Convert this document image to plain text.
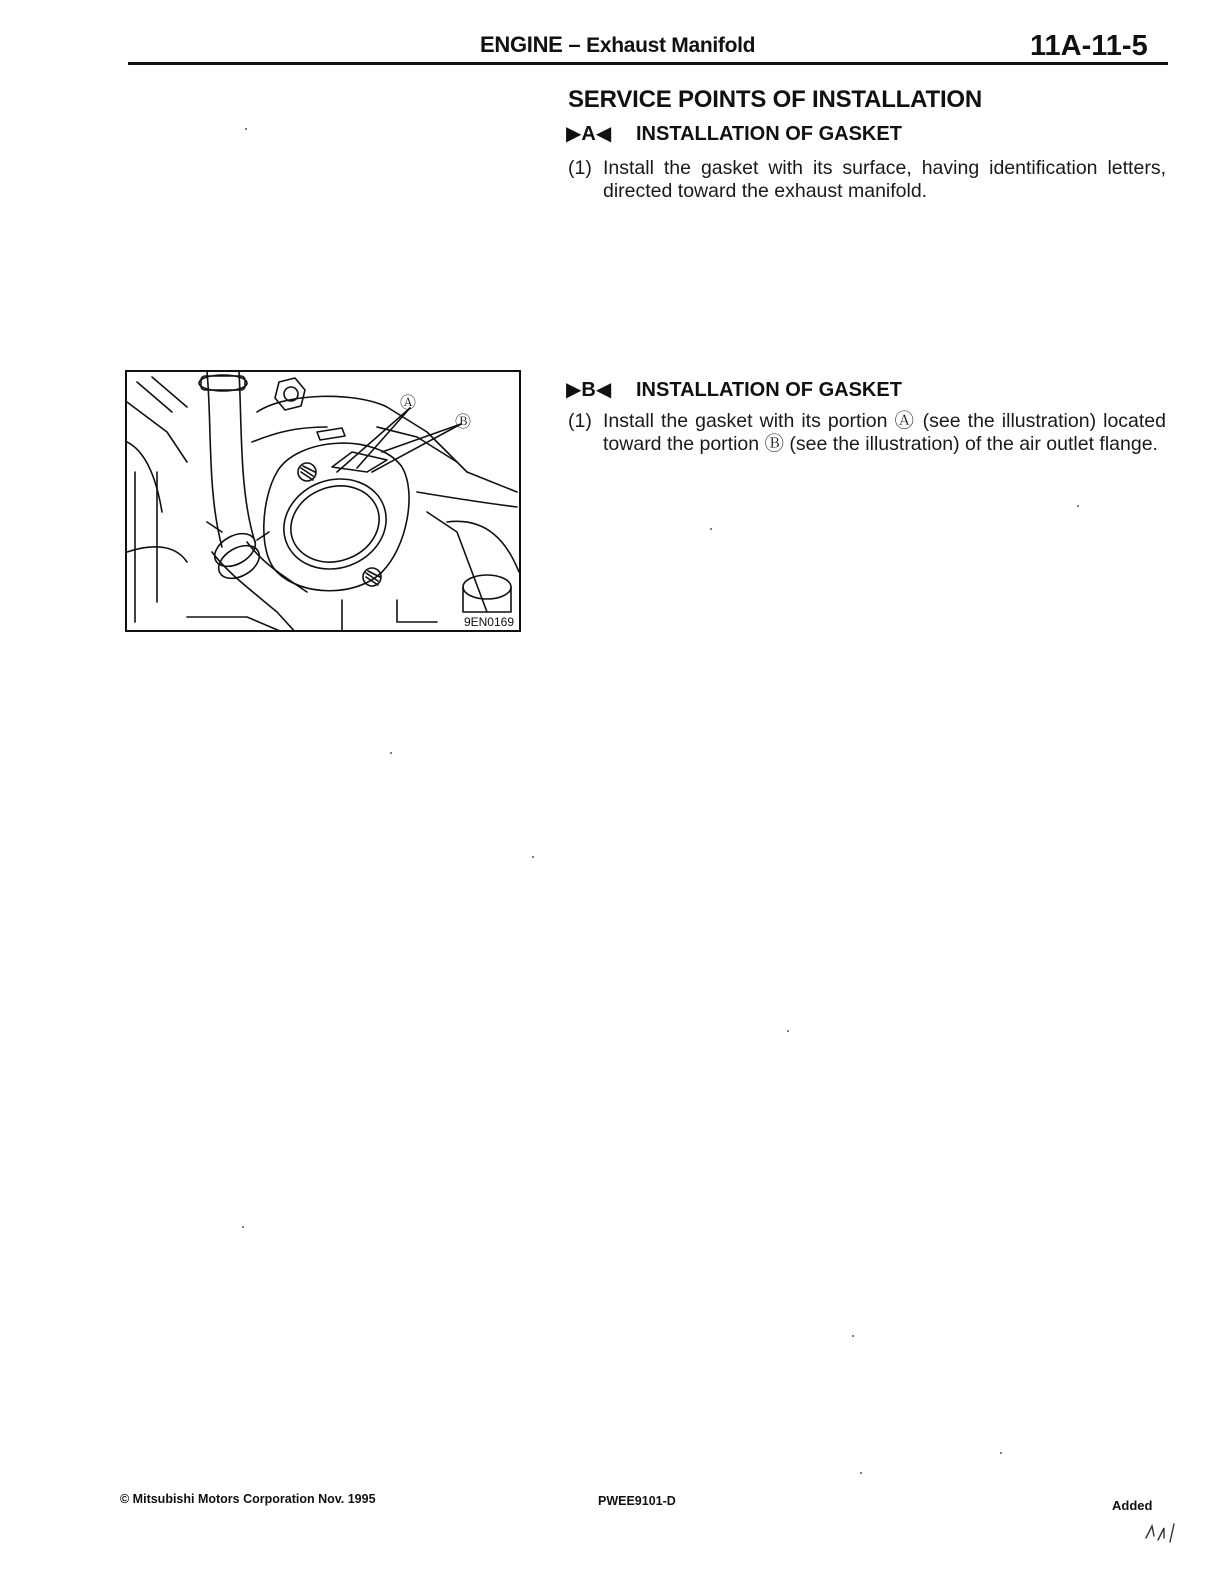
ENGINE – Exhaust Manifold	11A-11-5
SERVICE POINTS OF INSTALLATION
▶A◀ INSTALLATION OF GASKET
(1) Install the gasket with its surface, having identification letters, directed toward the exhaust manifold.
▶B◀ INSTALLATION OF GASKET
(1) Install the gasket with its portion Ⓐ (see the illustration) located toward the portion Ⓑ (see the illustration) of the air outlet flange.
Ⓐ
Ⓑ
9EN0169
© Mitsubishi Motors Corporation Nov. 1995	PWEE9101-D	Added
